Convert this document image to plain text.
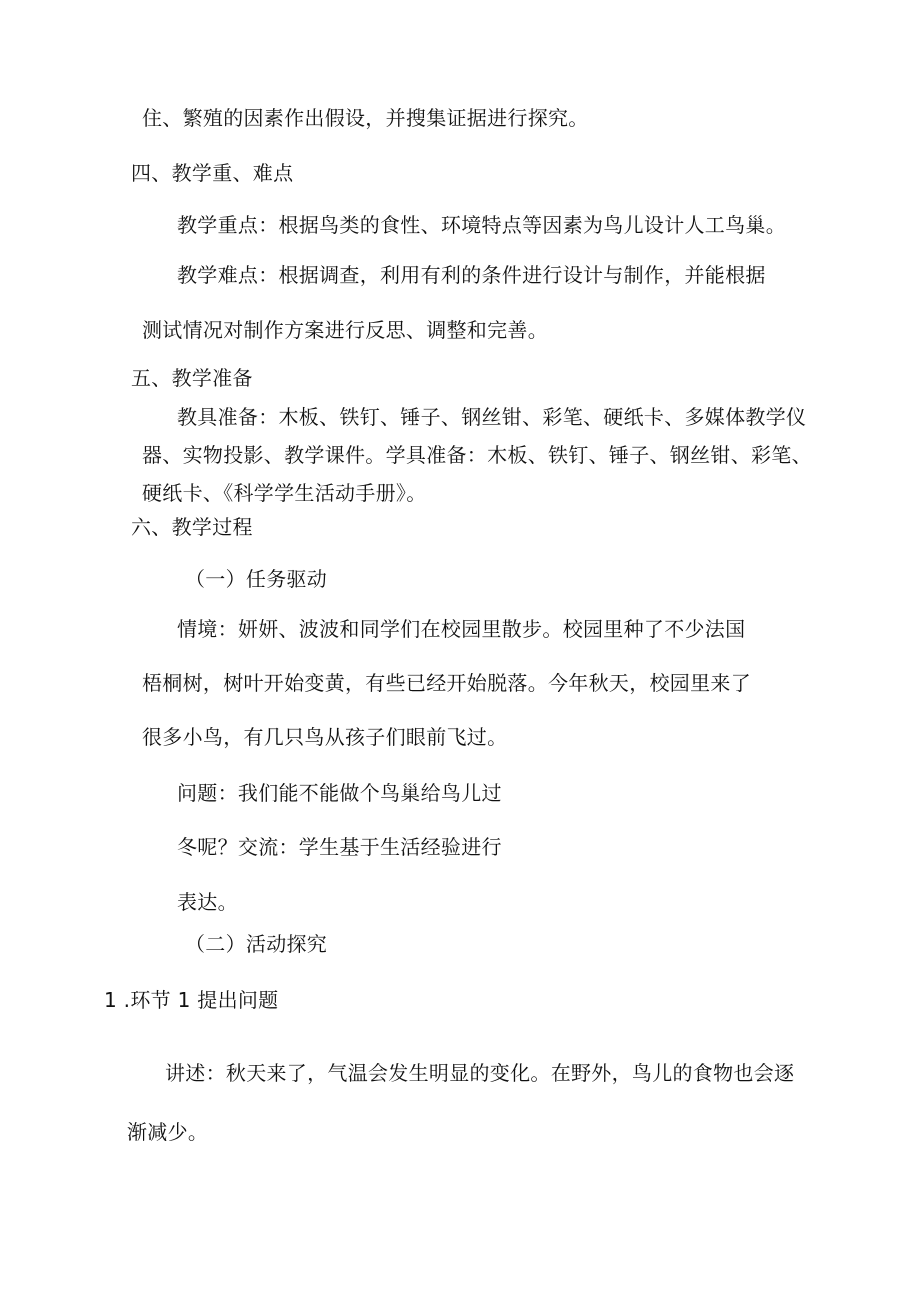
住、繁殖的因素作出假设，并搜集证据进行探究。
四、教学重、难点
教学重点：根据鸟类的食性、环境特点等因素为鸟儿设计人工鸟巢。
教学难点：根据调查，利用有利的条件进行设计与制作，并能根据
测试情况对制作方案进行反思、调整和完善。
五、教学准备
教具准备：木板、铁钉、锤子、钢丝钳、彩笔、硬纸卡、多媒体教学仪
器、实物投影、教学课件。学具准备：木板、铁钉、锤子、钢丝钳、彩笔、
硬纸卡、《科学学生活动手册》。
六、教学过程
（一）任务驱动
情境：妍妍、波波和同学们在校园里散步。校园里种了不少法国
梧桐树，树叶开始变黄，有些已经开始脱落。今年秋天，校园里来了
很多小鸟，有几只鸟从孩子们眼前飞过。
问题：我们能不能做个鸟巢给鸟儿过
冬呢？交流：学生基于生活经验进行
表达。
（二）活动探究
1 .环节 1 提出问题
讲述：秋天来了，气温会发生明显的变化。在野外，鸟儿的食物也会逐
渐减少。
